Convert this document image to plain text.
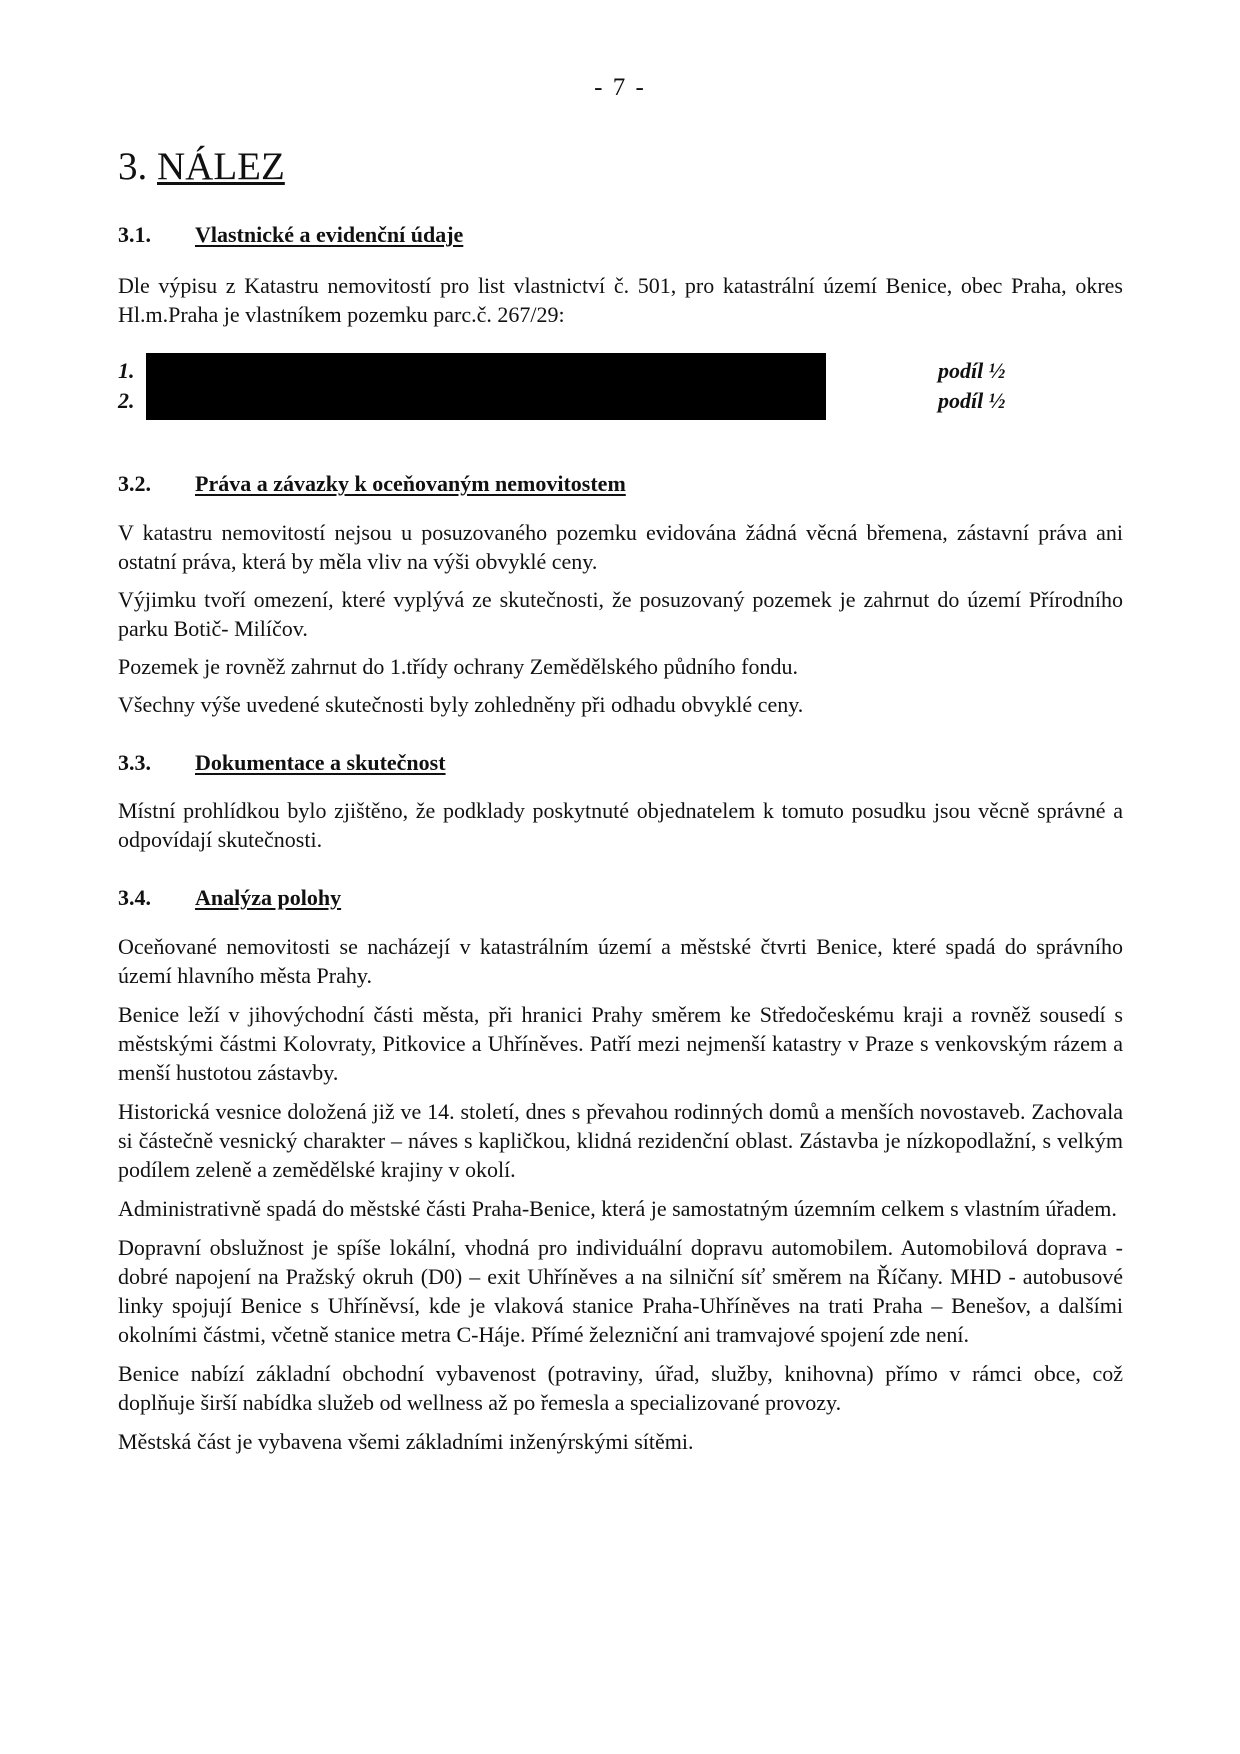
- 7 -
3. NÁLEZ
3.1.	Vlastnické a evidenční údaje

Dle výpisu z Katastru nemovitostí pro list vlastnictví č. 501, pro katastrální území Benice, obec Praha, okres Hl.m.Praha je vlastníkem pozemku parc.č. 267/29:

1.	podíl ½
2.	podíl ½
3.2.	Práva a závazky k oceňovaným nemovitostem

V katastru nemovitostí nejsou u posuzovaného pozemku evidována žádná věcná břemena, zástavní práva ani ostatní práva, která by měla vliv na výši obvyklé ceny.

Výjimku tvoří omezení, které vyplývá ze skutečnosti, že posuzovaný pozemek je zahrnut do území Přírodního parku Botič- Milíčov.

Pozemek je rovněž zahrnut do 1.třídy ochrany Zemědělského půdního fondu.

Všechny výše uvedené skutečnosti byly zohledněny při odhadu obvyklé ceny.

3.3.	Dokumentace a skutečnost

Místní prohlídkou bylo zjištěno, že podklady poskytnuté objednatelem k tomuto posudku jsou věcně správné a odpovídají skutečnosti.

3.4.	Analýza polohy

Oceňované nemovitosti se nacházejí v katastrálním území a městské čtvrti Benice, které spadá do správního území hlavního města Prahy.

Benice leží v jihovýchodní části města, při hranici Prahy směrem ke Středočeskému kraji a rovněž sousedí s městskými částmi Kolovraty, Pitkovice a Uhříněves. Patří mezi nejmenší katastry v Praze s venkovským rázem a menší hustotou zástavby.

Historická vesnice doložená již ve 14. století, dnes s převahou rodinných domů a menších novostaveb. Zachovala si částečně vesnický charakter – náves s kapličkou, klidná rezidenční oblast. Zástavba je nízkopodlažní, s velkým podílem zeleně a zemědělské krajiny v okolí.

Administrativně spadá do městské části Praha-Benice, která je samostatným územním celkem s vlastním úřadem.

Dopravní obslužnost je spíše lokální, vhodná pro individuální dopravu automobilem. Automobilová doprava - dobré napojení na Pražský okruh (D0) – exit Uhříněves a na silniční síť směrem na Říčany. MHD - autobusové linky spojují Benice s Uhříněvsí, kde je vlaková stanice Praha-Uhříněves na trati Praha – Benešov, a dalšími okolními částmi, včetně stanice metra C-Háje. Přímé železniční ani tramvajové spojení zde není.

Benice nabízí základní obchodní vybavenost (potraviny, úřad, služby, knihovna) přímo v rámci obce, což doplňuje širší nabídka služeb od wellness až po řemesla a specializované provozy.

Městská část je vybavena všemi základními inženýrskými sítěmi.
